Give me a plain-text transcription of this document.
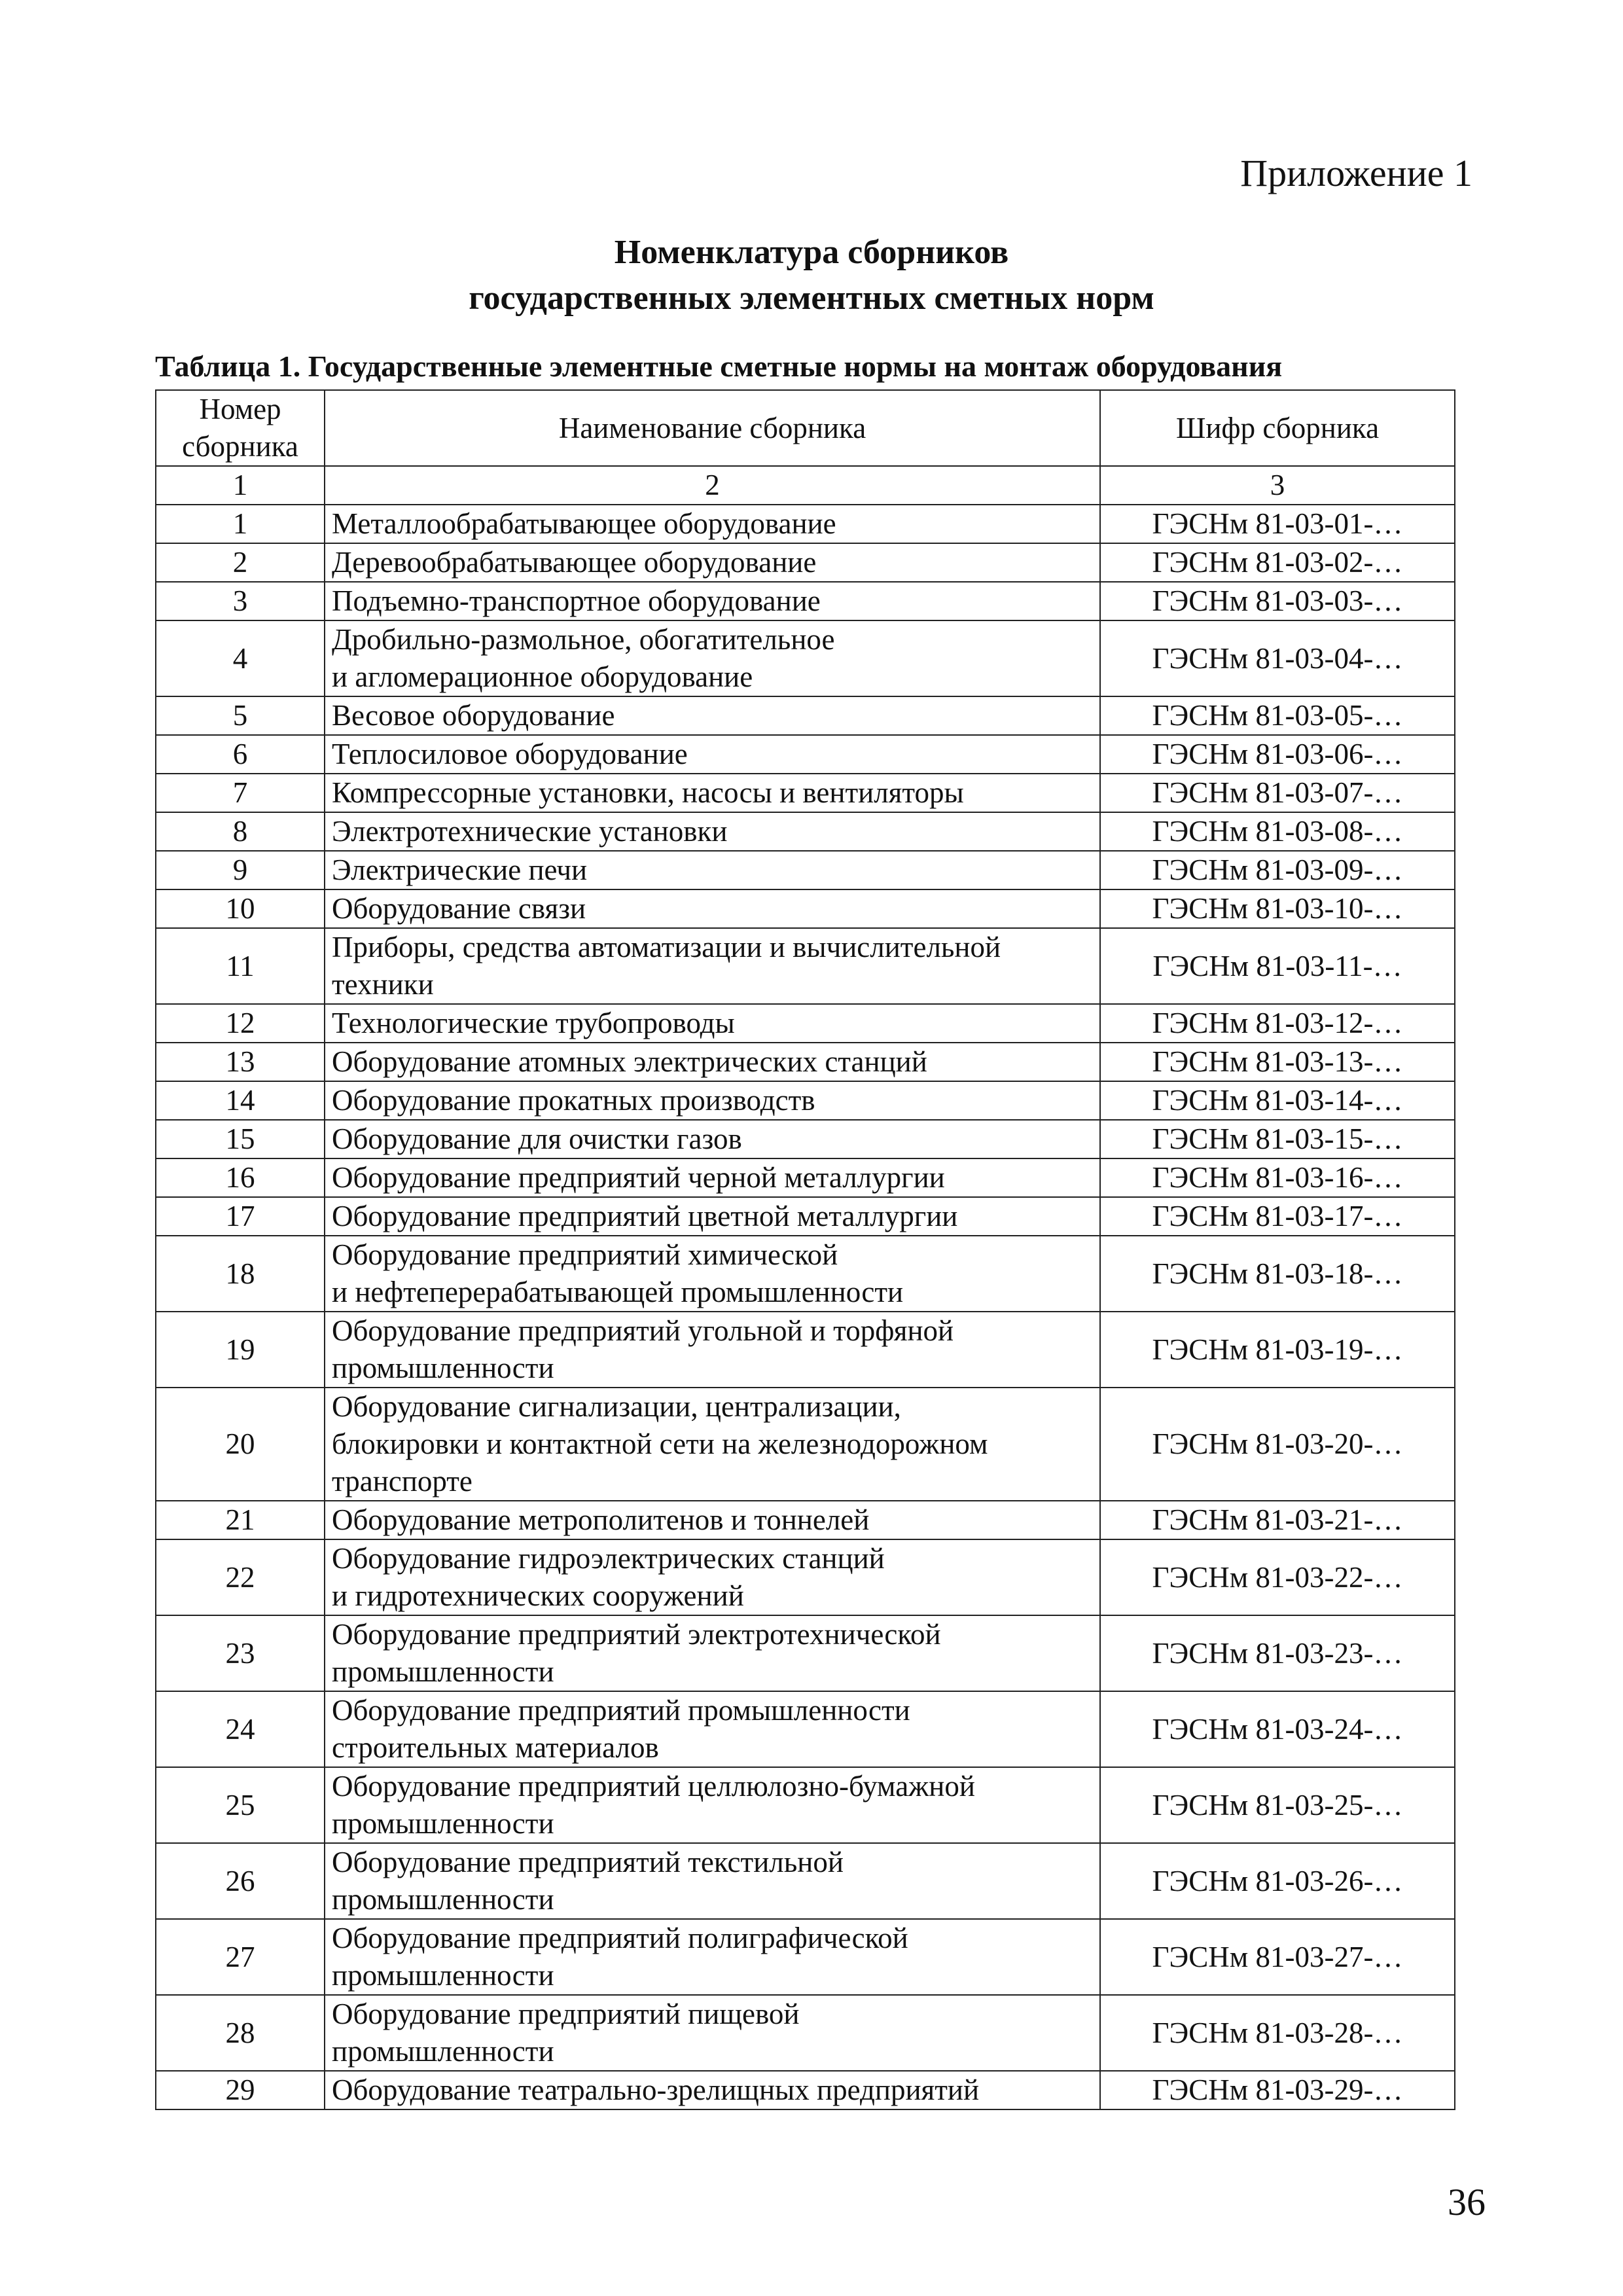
Приложение 1
Номенклатура сборников
государственных элементных сметных норм
Таблица 1. Государственные элементные сметные нормы на монтаж оборудования
Номер
сборника	Наименование сборника	Шифр сборника
1	2	3
1	Металлообрабатывающее оборудование	ГЭСНм 81-03-01-…
2	Деревообрабатывающее оборудование	ГЭСНм 81-03-02-…
3	Подъемно-транспортное оборудование	ГЭСНм 81-03-03-…
4	Дробильно-размольное, обогатительное
и агломерационное оборудование	ГЭСНм 81-03-04-…
5	Весовое оборудование	ГЭСНм 81-03-05-…
6	Теплосиловое оборудование	ГЭСНм 81-03-06-…
7	Компрессорные установки, насосы и вентиляторы	ГЭСНм 81-03-07-…
8	Электротехнические установки	ГЭСНм 81-03-08-…
9	Электрические печи	ГЭСНм 81-03-09-…
10	Оборудование связи	ГЭСНм 81-03-10-…
11	Приборы, средства автоматизации и вычислительной
техники	ГЭСНм 81-03-11-…
12	Технологические трубопроводы	ГЭСНм 81-03-12-…
13	Оборудование атомных электрических станций	ГЭСНм 81-03-13-…
14	Оборудование прокатных производств	ГЭСНм 81-03-14-…
15	Оборудование для очистки газов	ГЭСНм 81-03-15-…
16	Оборудование предприятий черной металлургии	ГЭСНм 81-03-16-…
17	Оборудование предприятий цветной металлургии	ГЭСНм 81-03-17-…
18	Оборудование предприятий химической
и нефтеперерабатывающей промышленности	ГЭСНм 81-03-18-…
19	Оборудование предприятий угольной и торфяной
промышленности	ГЭСНм 81-03-19-…
20	Оборудование сигнализации, централизации,
блокировки и контактной сети на железнодорожном
транспорте	ГЭСНм 81-03-20-…
21	Оборудование метрополитенов и тоннелей	ГЭСНм 81-03-21-…
22	Оборудование гидроэлектрических станций
и гидротехнических сооружений	ГЭСНм 81-03-22-…
23	Оборудование предприятий электротехнической
промышленности	ГЭСНм 81-03-23-…
24	Оборудование предприятий промышленности
строительных материалов	ГЭСНм 81-03-24-…
25	Оборудование предприятий целлюлозно-бумажной
промышленности	ГЭСНм 81-03-25-…
26	Оборудование предприятий текстильной
промышленности	ГЭСНм 81-03-26-…
27	Оборудование предприятий полиграфической
промышленности	ГЭСНм 81-03-27-…
28	Оборудование предприятий пищевой
промышленности	ГЭСНм 81-03-28-…
29	Оборудование театрально-зрелищных предприятий	ГЭСНм 81-03-29-…
36
